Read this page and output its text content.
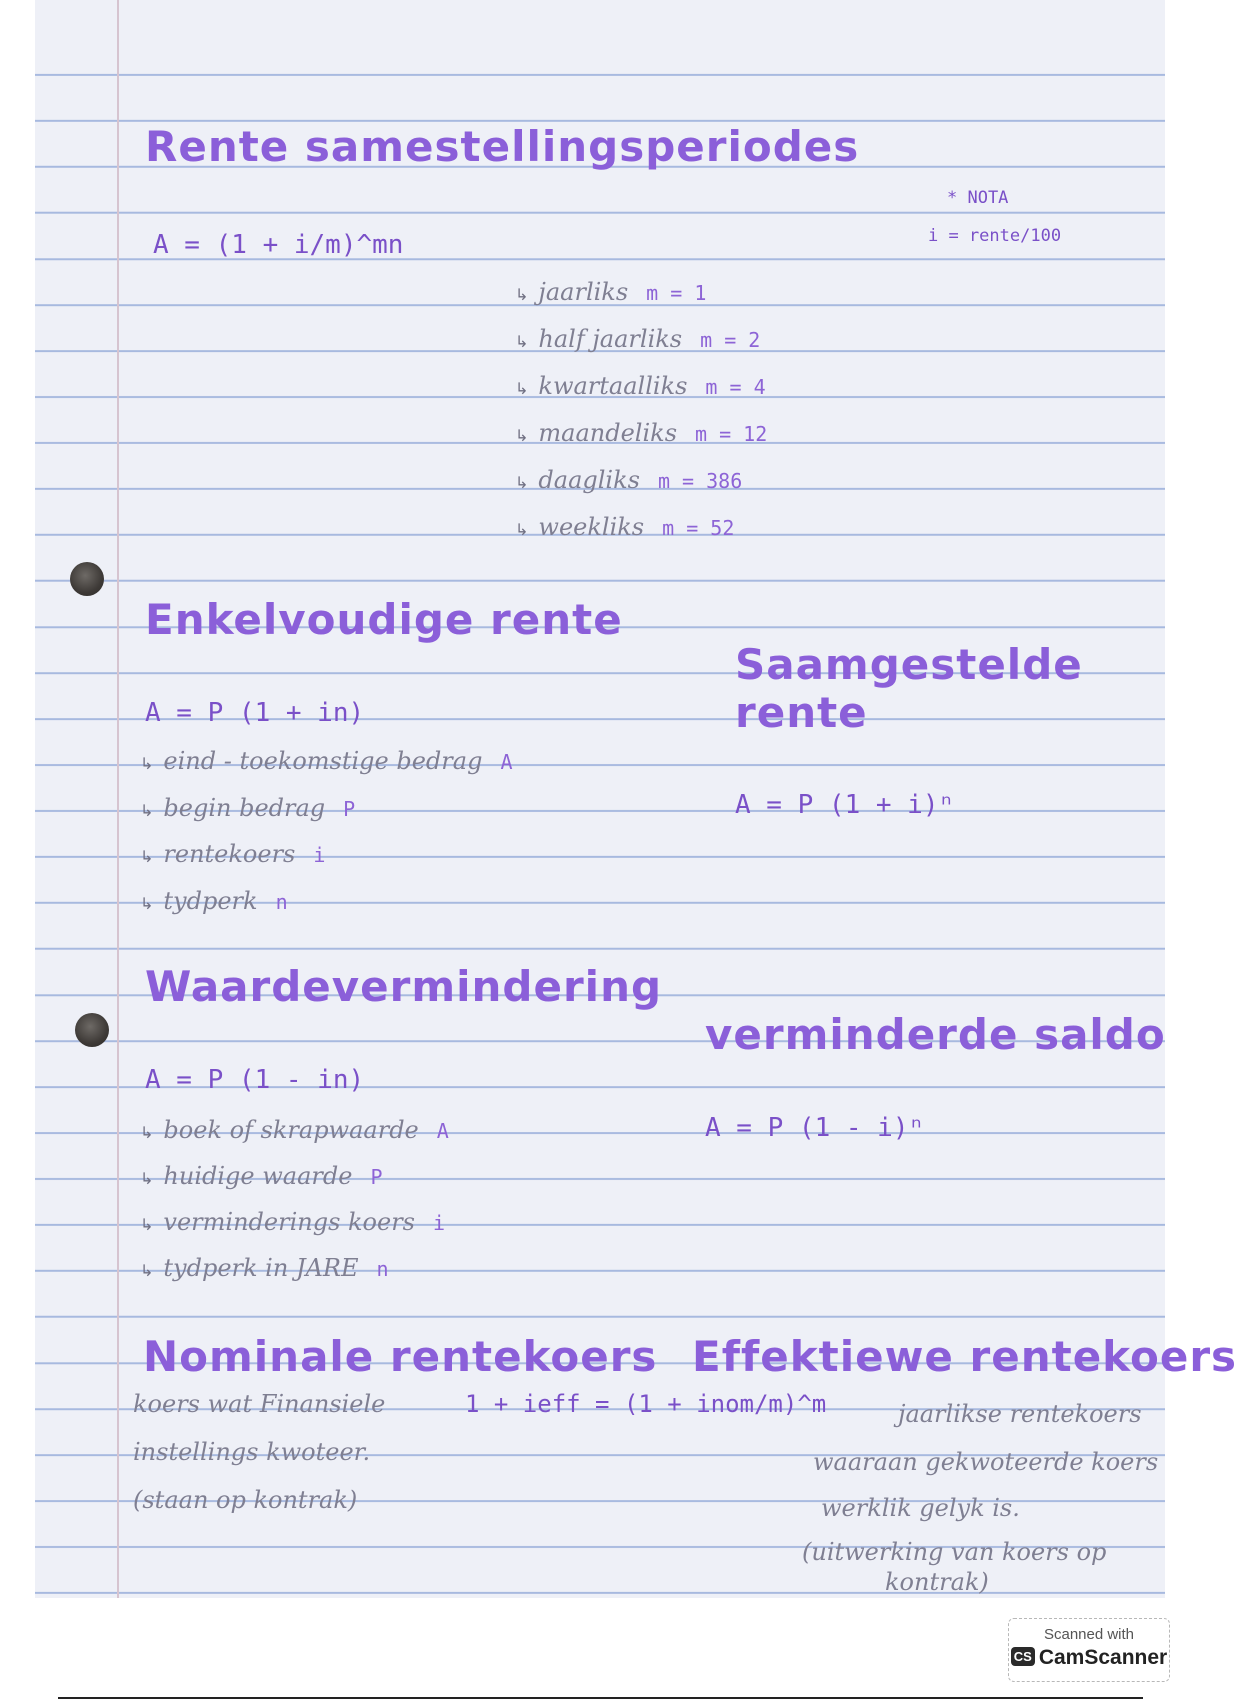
Rente samestellingsperiodes
A = (1 + i/m)^mn
* NOTA
i = rente/100
↳ jaarliks m = 1
↳ half jaarliks m = 2
↳ kwartaalliks m = 4
↳ maandeliks m = 12
↳ daagliks m = 386
↳ weekliks m = 52
Enkelvoudige rente
A = P (1 + in)
↳ eind - toekomstige bedrag A
↳ begin bedrag P
↳ rentekoers i
↳ tydperk n
Saamgestelde
rente
A = P (1 + i)ⁿ
Waardevermindering
A = P (1 - in)
↳ boek of skrapwaarde A
↳ huidige waarde P
↳ verminderings koers i
↳ tydperk in JARE n
verminderde saldo
A = P (1 - i)ⁿ
Nominale rentekoers
koers wat Finansiele
instellings kwoteer.
(staan op kontrak)
Effektiewe rentekoers
1 + ieff = (1 + inom/m)^m	jaarlikse rentekoers
waaraan gekwoteerde koers
werklik gelyk is.
(uitwerking van koers op
kontrak)
Scanned with
CS CamScanner
